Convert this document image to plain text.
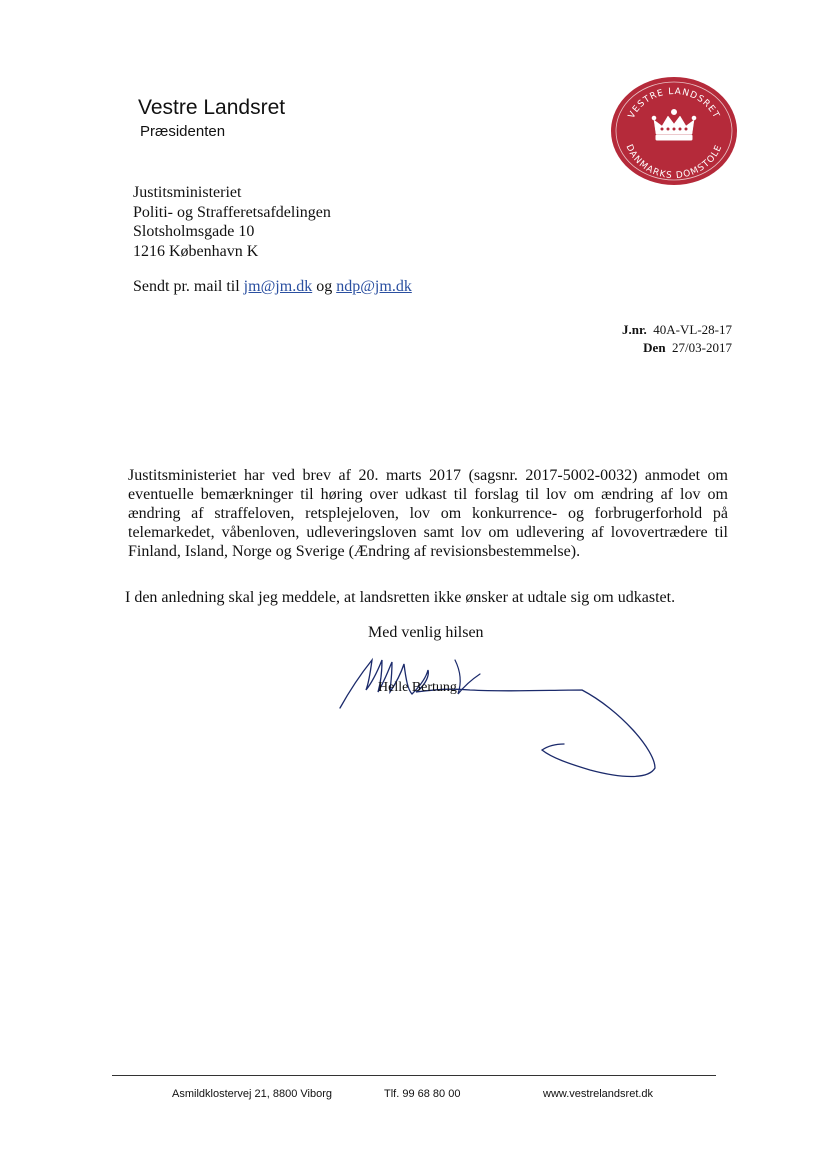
Vestre Landsret
Præsidenten
VESTRE LANDSRET
DANMARKS DOMSTOLE
Justitsministeriet
Politi- og Strafferetsafdelingen
Slotsholmsgade 10
1216 København K
Sendt pr. mail til jm@jm.dk og ndp@jm.dk
J.nr. 40A-VL-28-17
Den 27/03-2017
Justitsministeriet har ved brev af 20. marts 2017 (sagsnr. 2017-5002-0032) anmodet om eventuelle bemærkninger til høring over udkast til forslag til lov om ændring af lov om ændring af straffeloven, retsplejeloven, lov om konkurrence- og forbrugerforhold på telemarkedet, våbenloven, udleveringsloven samt lov om udlevering af lovovertrædere til Finland, Island, Norge og Sverige (Ændring af revisionsbestemmelse).
I den anledning skal jeg meddele, at landsretten ikke ønsker at udtale sig om udkastet.
Med venlig hilsen
Helle Bertung
Asmildklostervej 21, 8800 Viborg	Tlf. 99 68 80 00	www.vestrelandsret.dk
